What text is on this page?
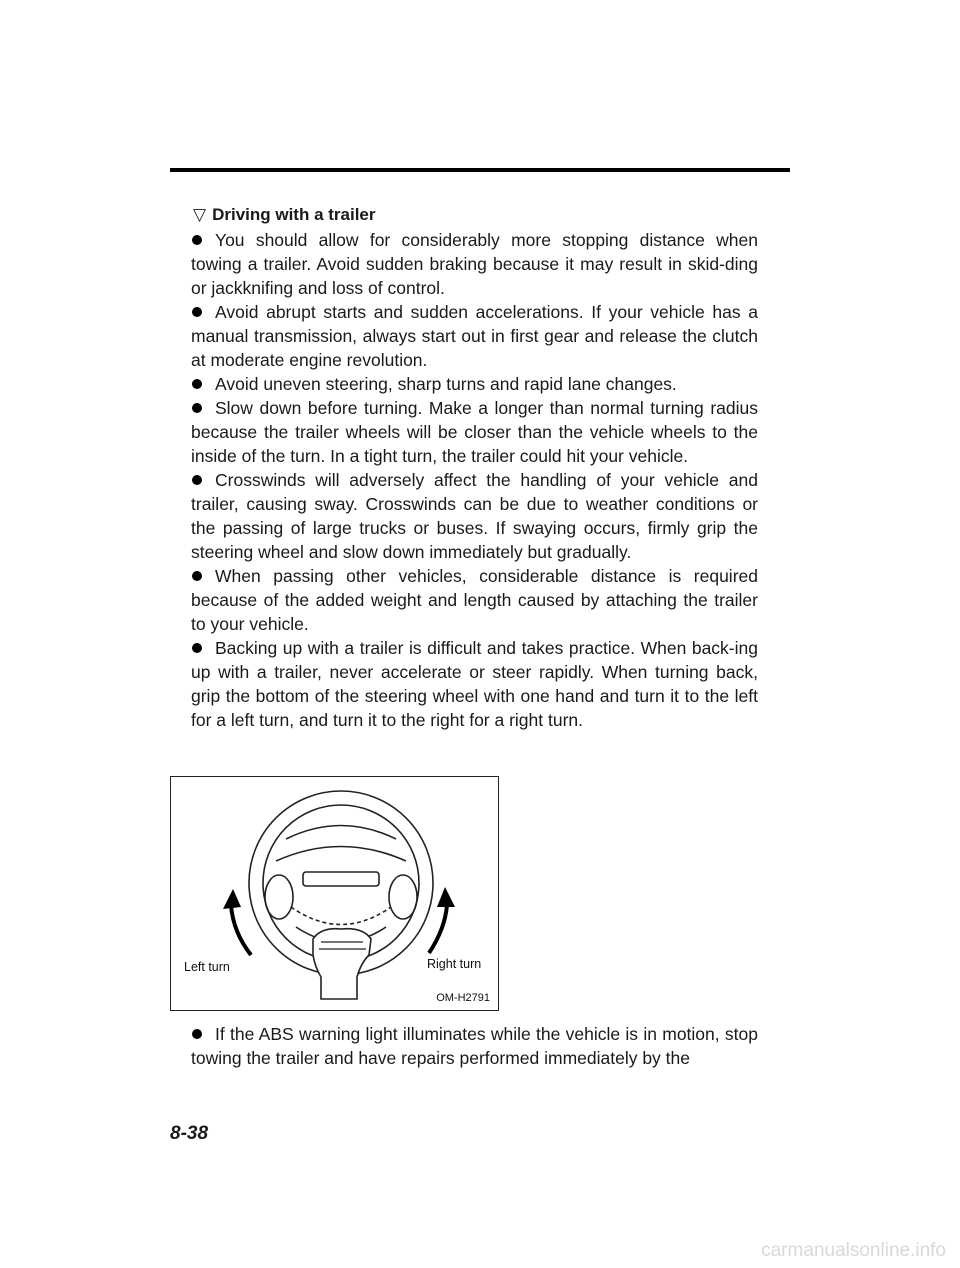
▽ Driving with a trailer

You should allow for considerably more stopping distance when towing a trailer. Avoid sudden braking because it may result in skid-ding or jackknifing and loss of control.

Avoid abrupt starts and sudden accelerations. If your vehicle has a manual transmission, always start out in first gear and release the clutch at moderate engine revolution.

Avoid uneven steering, sharp turns and rapid lane changes.

Slow down before turning. Make a longer than normal turning radius because the trailer wheels will be closer than the vehicle wheels to the inside of the turn. In a tight turn, the trailer could hit your vehicle.

Crosswinds will adversely affect the handling of your vehicle and trailer, causing sway. Crosswinds can be due to weather conditions or the passing of large trucks or buses. If swaying occurs, firmly grip the steering wheel and slow down immediately but gradually.

When passing other vehicles, considerable distance is required because of the added weight and length caused by attaching the trailer to your vehicle.

Backing up with a trailer is difficult and takes practice. When back-ing up with a trailer, never accelerate or steer rapidly. When turning back, grip the bottom of the steering wheel with one hand and turn it to the left for a left turn, and turn it to the right for a right turn.

Left turn	Right turn
OM-H2791

If the ABS warning light illuminates while the vehicle is in motion, stop towing the trailer and have repairs performed immediately by the

8-38
carmanualsonline.info
